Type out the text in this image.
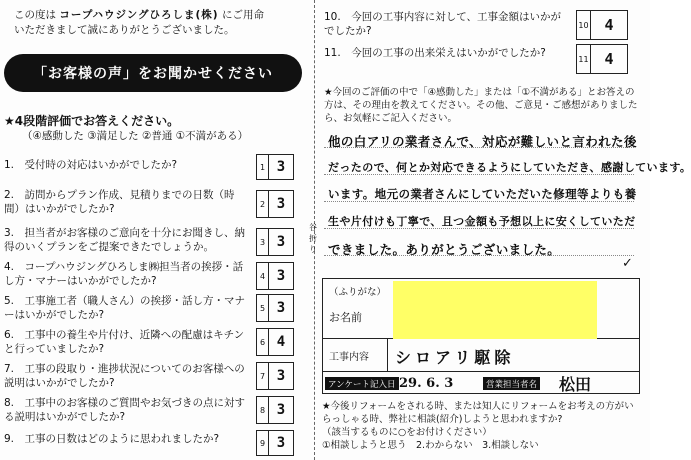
この度は コープハウジングひろしま(株) にご用命
いただきまして誠にありがとうございました。
「お客様の声」をお聞かせください
★4段階評価でお答えください。
（④感動した ③満足した ②普通 ①不満がある）
1.　受付時の対応はいかがでしたか?	1 3
2.　訪問からプラン作成、見積りまでの日数（時間）はいかがでしたか?	2 3
3.　担当者がお客様のご意向を十分にお聞きし、納得のいくプランをご提案できたでしょうか。	3 3
4.　コープハウジングひろしま㈱担当者の挨拶・話し方・マナーはいかがでしたか?	4 3
5.　工事施工者（職人さん）の挨拶・話し方・マナーはいかがでしたか?
5 3
6.　工事中の養生や片付け、近隣への配慮はキチンと行っていましたか?
6 4
7.　工事の段取り・進捗状況についてのお客様への説明はいかがでしたか?
7 3
8.　工事中のお客様のご質問やお気づきの点に対する説明はいかがでしたか?
8 3
9.　工事の日数はどのように思われましたか?	9 3
谷折り
10.　今回の工事内容に対して、工事金額はいかがでしたか?	10	4
11.　今回の工事の出来栄えはいかがでしたか?	11	4
★今回のご評価の中で「④感動した」または「①不満がある」とお答えの方は、その理由を教えてください。その他、ご意見・ご感想がありましたら、お気軽にご記入ください。
他の白アリの業者さんで、対応が難しいと言われた後
だったので、何とか対応できるようにしていただき、感謝しています。
います。地元の業者さんにしていただいた修理等よりも養
生や片付けも丁寧で、且つ金額も予想以上に安くしていただ
できました。ありがとうございました。
✓
（ふりがな）
お名前
工事内容 シロアリ駆除
アンケート記入日 29. 6. 3	営業担当者名 松田
★今後リフォームをされる時、または知人にリフォームをお考えの方がいらっしゃる時、弊社に相談(紹介)しようと思われますか?
（該当するものに○をお付けください）
①相談しようと思う　2.わからない　3.相談しない
